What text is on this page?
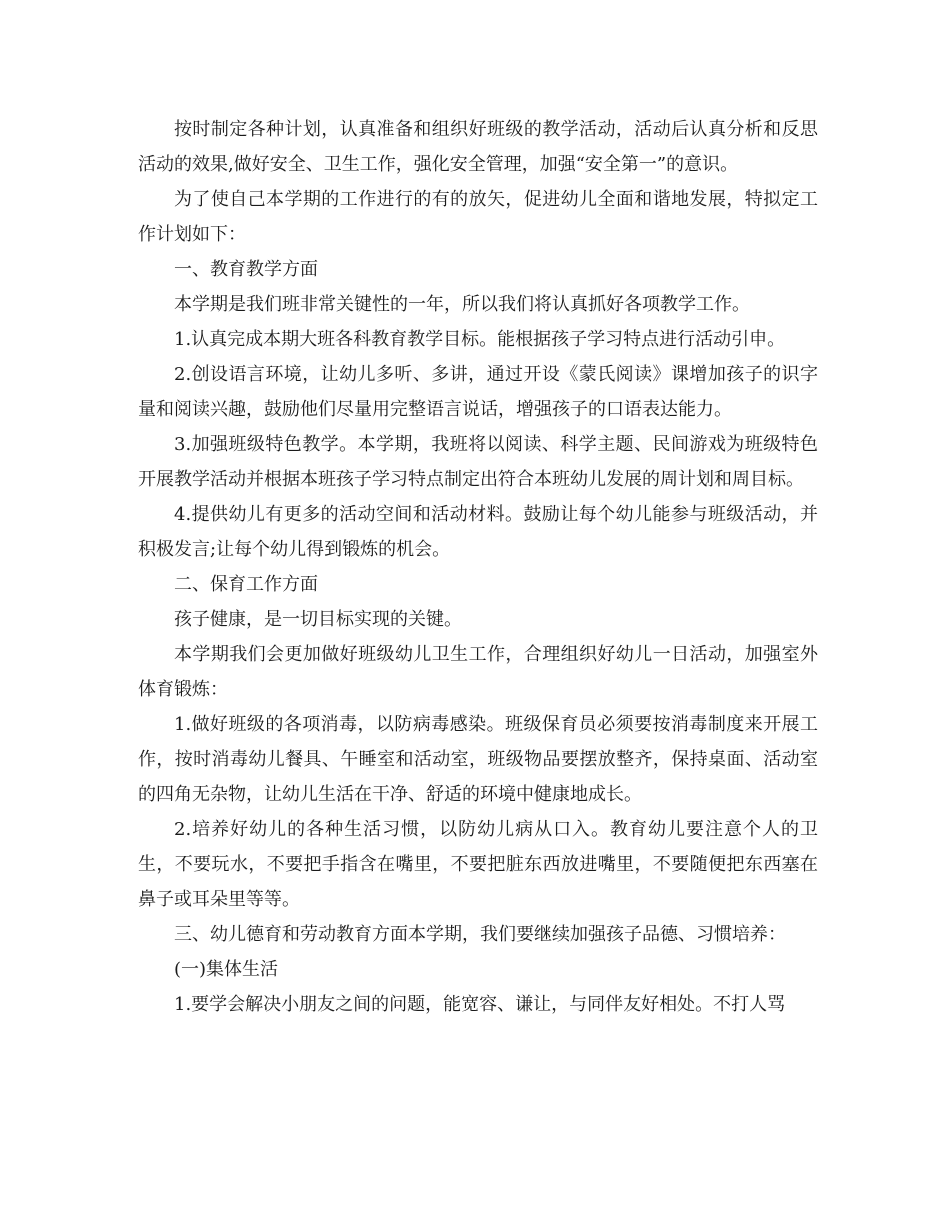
按时制定各种计划，认真准备和组织好班级的教学活动，活动后认真分析和反思活动的效果,做好安全、卫生工作，强化安全管理，加强“安全第一”的意识。

为了使自己本学期的工作进行的有的放矢，促进幼儿全面和谐地发展，特拟定工作计划如下：

一、教育教学方面

本学期是我们班非常关键性的一年，所以我们将认真抓好各项教学工作。

1.认真完成本期大班各科教育教学目标。能根据孩子学习特点进行活动引申。

2.创设语言环境，让幼儿多听、多讲，通过开设《蒙氏阅读》课增加孩子的识字量和阅读兴趣，鼓励他们尽量用完整语言说话，增强孩子的口语表达能力。

3.加强班级特色教学。本学期，我班将以阅读、科学主题、民间游戏为班级特色开展教学活动并根据本班孩子学习特点制定出符合本班幼儿发展的周计划和周目标。

4.提供幼儿有更多的活动空间和活动材料。鼓励让每个幼儿能参与班级活动，并积极发言;让每个幼儿得到锻炼的机会。

二、保育工作方面

孩子健康，是一切目标实现的关键。

本学期我们会更加做好班级幼儿卫生工作，合理组织好幼儿一日活动，加强室外体育锻炼：

1.做好班级的各项消毒，以防病毒感染。班级保育员必须要按消毒制度来开展工作，按时消毒幼儿餐具、午睡室和活动室，班级物品要摆放整齐，保持桌面、活动室的四角无杂物，让幼儿生活在干净、舒适的环境中健康地成长。

2.培养好幼儿的各种生活习惯，以防幼儿病从口入。教育幼儿要注意个人的卫生，不要玩水，不要把手指含在嘴里，不要把脏东西放进嘴里，不要随便把东西塞在鼻子或耳朵里等等。

三、幼儿德育和劳动教育方面本学期，我们要继续加强孩子品德、习惯培养：

(一)集体生活

1.要学会解决小朋友之间的问题，能宽容、谦让，与同伴友好相处。不打人骂
